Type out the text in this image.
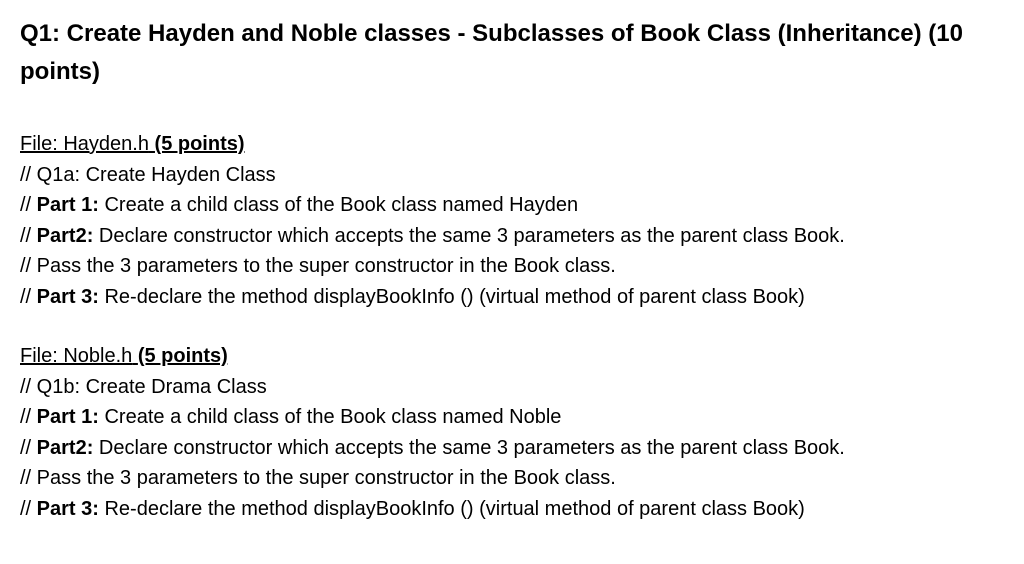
Q1: Create Hayden and Noble classes - Subclasses of Book Class (Inheritance) (10 points)
File: Hayden.h (5 points)
// Q1a: Create Hayden Class
// Part 1: Create a child class of the Book class named Hayden
// Part2: Declare constructor which accepts the same 3 parameters as the parent class Book.
// Pass the 3 parameters to the super constructor in the Book class.
// Part 3: Re-declare the method displayBookInfo () (virtual method of parent class Book)
File: Noble.h (5 points)
// Q1b: Create Drama Class
// Part 1: Create a child class of the Book class named Noble
// Part2: Declare constructor which accepts the same 3 parameters as the parent class Book.
// Pass the 3 parameters to the super constructor in the Book class.
// Part 3: Re-declare the method displayBookInfo () (virtual method of parent class Book)
